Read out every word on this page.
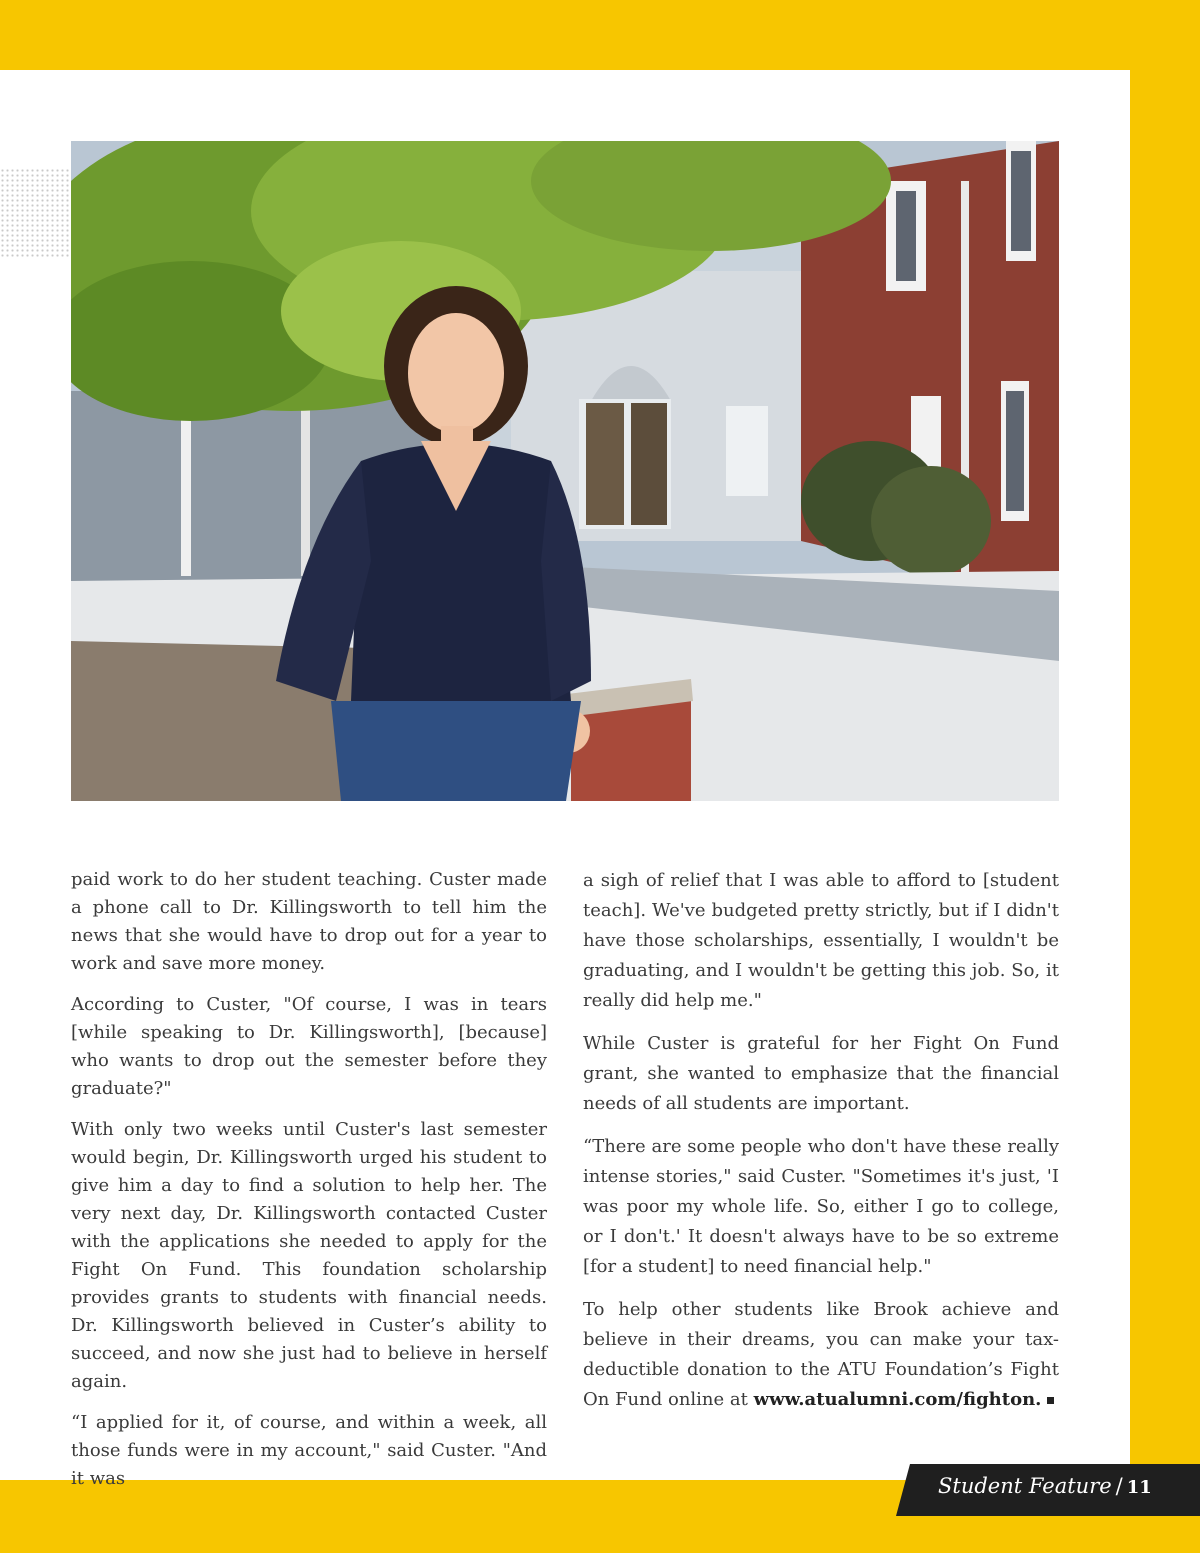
paid work to do her student teaching. Custer made a phone call to Dr. Killingsworth to tell him the news that she would have to drop out for a year to work and save more money.

According to Custer, "Of course, I was in tears [while speaking to Dr. Killingsworth], [because] who wants to drop out the semester before they graduate?"

With only two weeks until Custer's last semester would begin, Dr. Killingsworth urged his student to give him a day to find a solution to help her. The very next day, Dr. Killingsworth contacted Custer with the applications she needed to apply for the Fight On Fund. This foundation scholarship provides grants to students with financial needs. Dr. Killingsworth believed in Custer’s ability to succeed, and now she just had to believe in herself again.

“I applied for it, of course, and within a week, all those funds were in my account," said Custer. "And it was

a sigh of relief that I was able to afford to [student teach]. We've budgeted pretty strictly, but if I didn't have those scholarships, essentially, I wouldn't be graduating, and I wouldn't be getting this job. So, it really did help me."

While Custer is grateful for her Fight On Fund grant, she wanted to emphasize that the financial needs of all students are important.

“There are some people who don't have these really intense stories," said Custer. "Sometimes it's just, 'I was poor my whole life. So, either I go to college, or I don't.' It doesn't always have to be so extreme [for a student] to need financial help."

To help other students like Brook achieve and believe in their dreams, you can make your tax-deductible donation to the ATU Foundation’s Fight On Fund online at www.atualumni.com/fighton.

Student Feature / 11
